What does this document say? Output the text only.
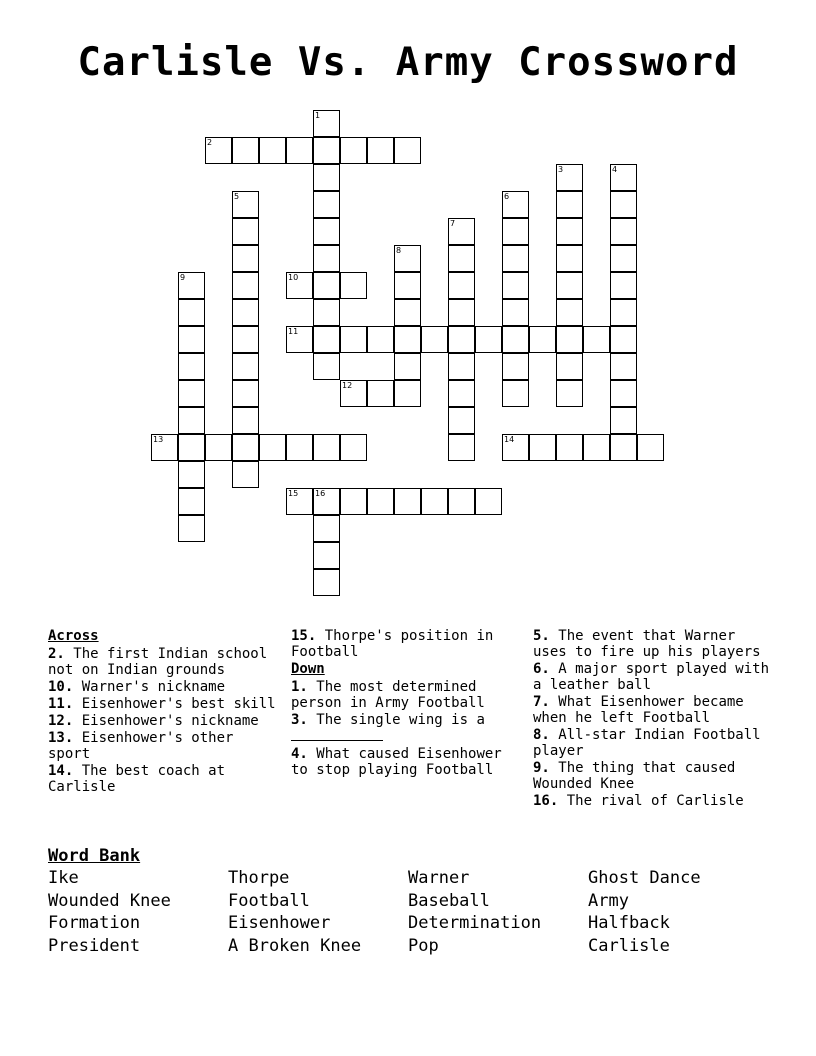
Carlisle Vs. Army Crossword
1
2
3	4
5	6
7
8
9	10
11
12
13	14
15 16
Across
2. The first Indian school not on Indian grounds
10. Warner's nickname
11. Eisenhower's best skill
12. Eisenhower's nickname
13. Eisenhower's other sport
14. The best coach at Carlisle
15. Thorpe's position in Football
Down
1. The most determined person in Army Football
3. The single wing is a

4. What caused Eisenhower to stop playing Football
5. The event that Warner uses to fire up his players
6. A major sport played with a leather ball
7. What Eisenhower became when he left Football
8. All-star Indian Football player
9. The thing that caused Wounded Knee
16. The rival of Carlisle
Word Bank
Ike	Thorpe	Warner	Ghost Dance
Wounded Knee	Football	Baseball	Army
Formation	Eisenhower	Determination	Halfback
President	A Broken Knee	Pop	Carlisle
